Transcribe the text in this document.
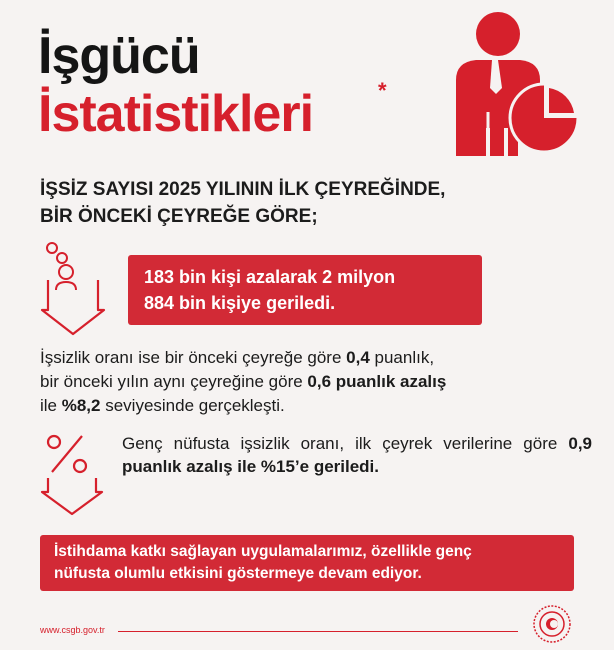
İşgücü
İstatistikleri	*
İŞSİZ SAYISI 2025 YILININ İLK ÇEYREĞİNDE,
BİR ÖNCEKİ ÇEYREĞE GÖRE;
183 bin kişi azalarak 2 milyon
884 bin kişiye geriledi.
İşsizlik oranı ise bir önceki çeyreğe göre 0,4 puanlık,
bir önceki yılın aynı çeyreğine göre 0,6 puanlık azalış
ile %8,2 seviyesinde gerçekleşti.
Genç nüfusta işsizlik oranı, ilk çeyrek verilerine göre 0,9 puanlık azalış ile %15’e geriledi.
İstihdama katkı sağlayan uygulamalarımız, özellikle genç
nüfusta olumlu etkisini göstermeye devam ediyor.
www.csgb.gov.tr
